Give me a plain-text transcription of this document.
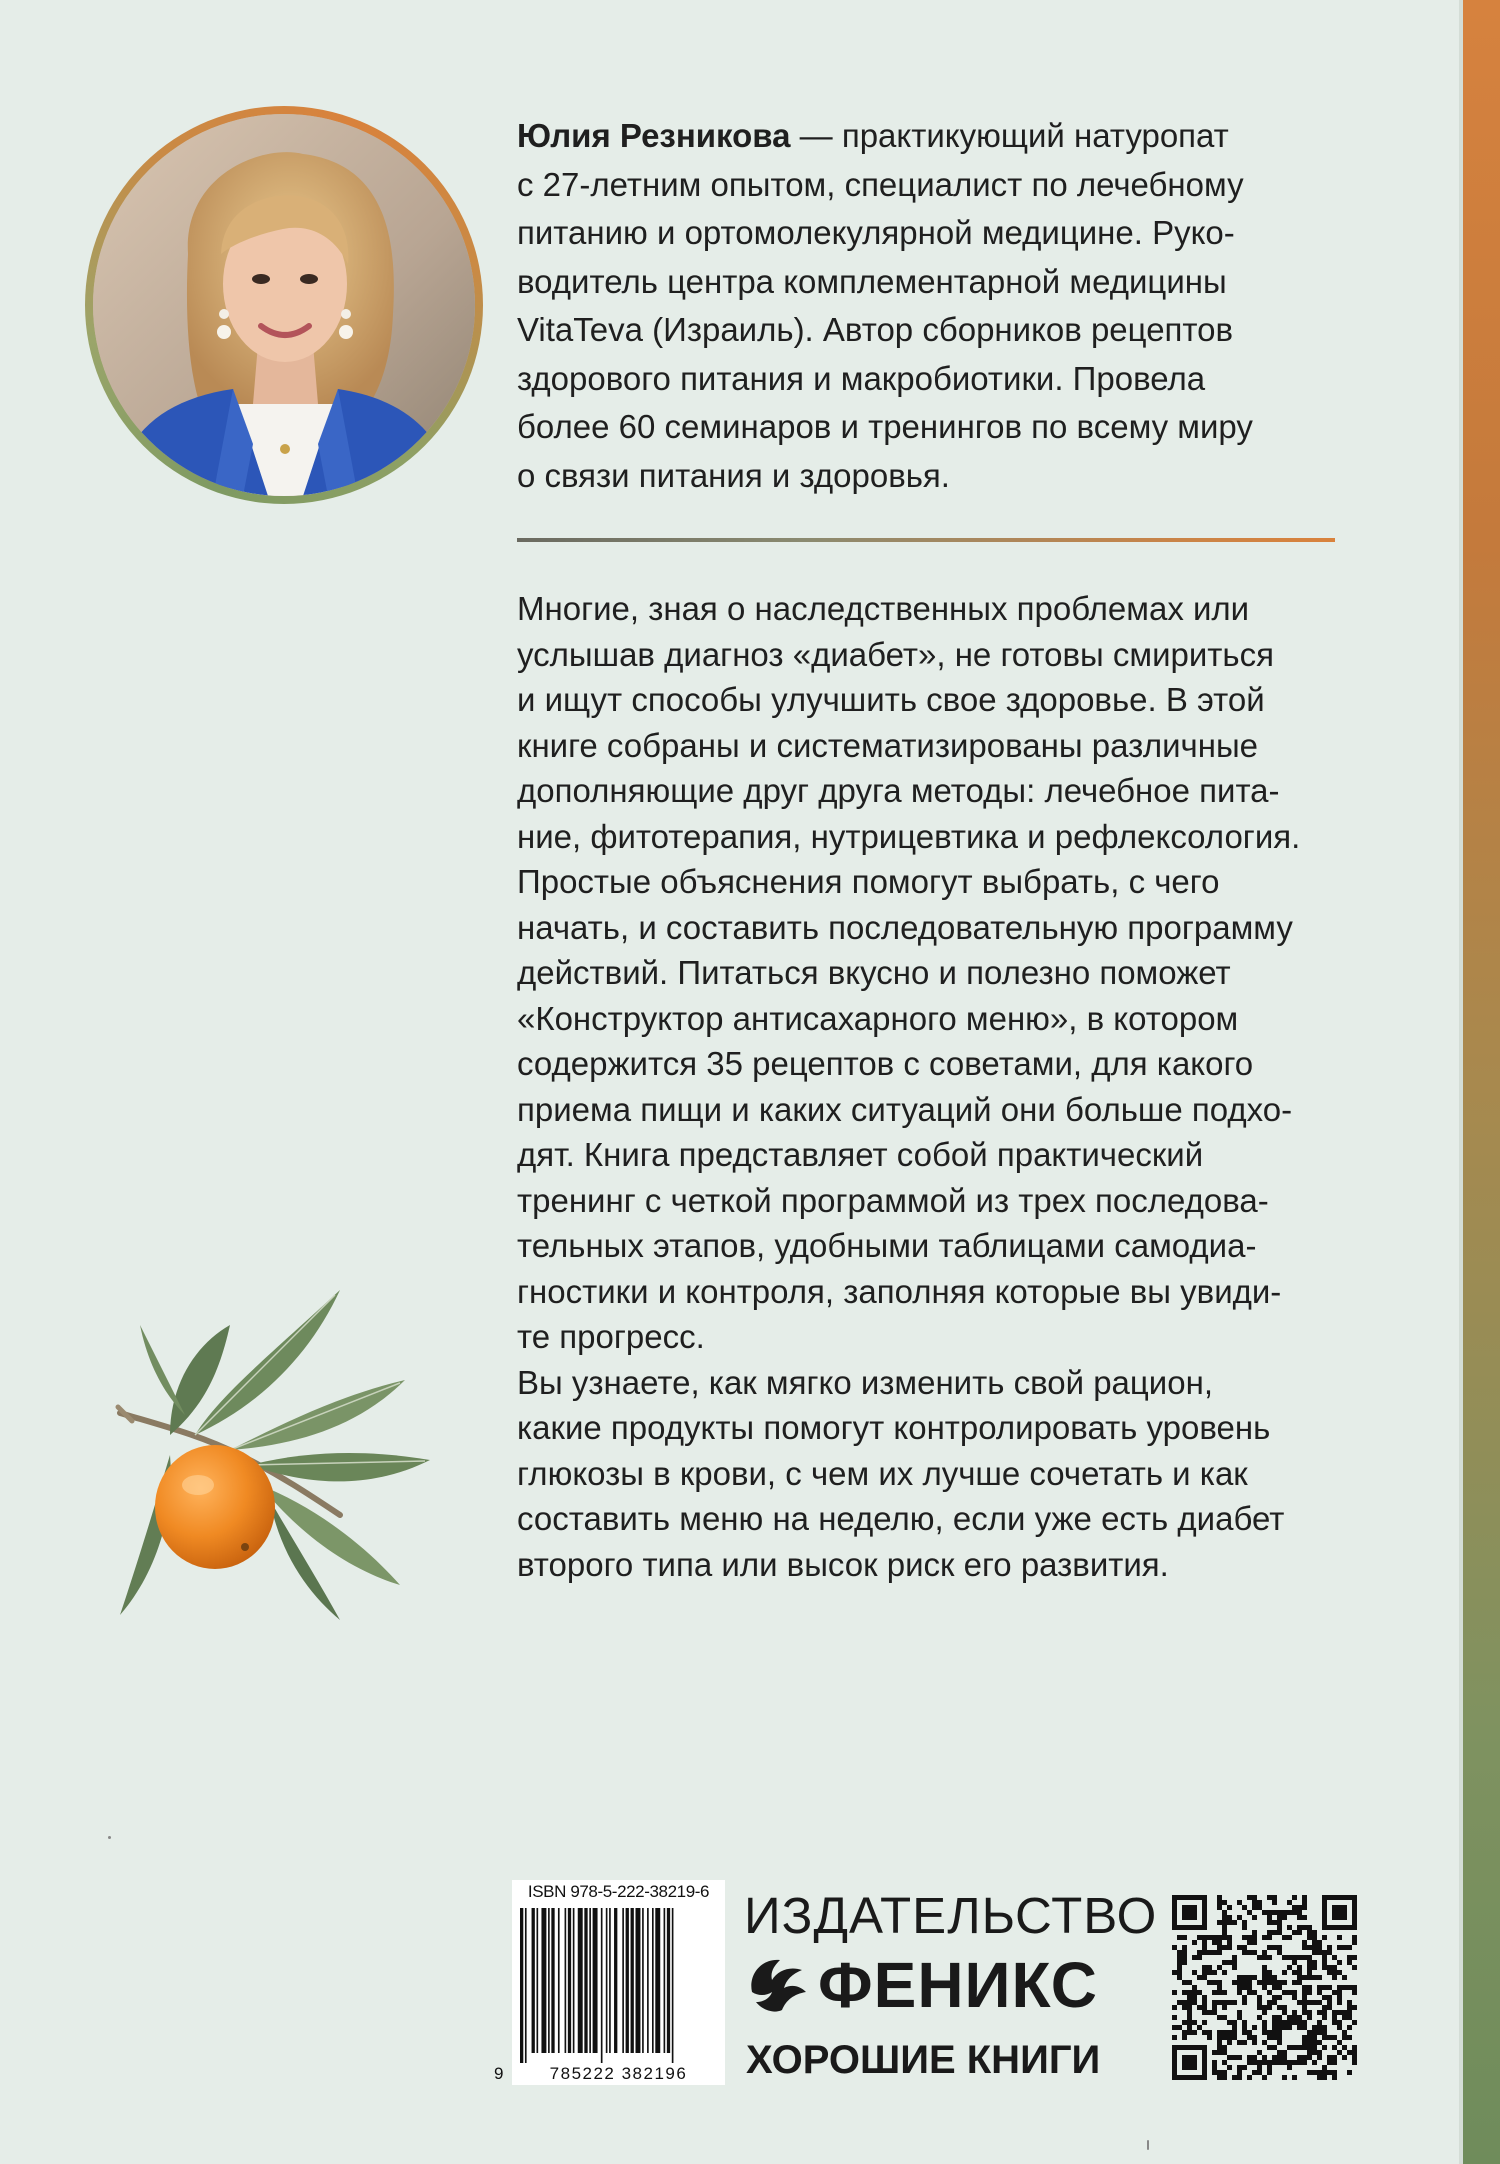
Юлия Резникова — практикующий натуропат
с 27-летним опытом, специалист по лечебному
питанию и ортомолекулярной медицине. Руко-
водитель центра комплементарной медицины
VitaTeva (Израиль). Автор сборников рецептов
здорового питания и макробиотики. Провела
более 60 семинаров и тренингов по всему миру
о связи питания и здоровья.

Многие, зная о наследственных проблемах или
услышав диагноз «диабет», не готовы смириться
и ищут способы улучшить свое здоровье. В этой
книге собраны и систематизированы различные
дополняющие друг друга методы: лечебное пита-
ние, фитотерапия, нутрицевтика и рефлексология.
Простые объяснения помогут выбрать, с чего
начать, и составить последовательную программу
действий. Питаться вкусно и полезно поможет
«Конструктор антисахарного меню», в котором
содержится 35 рецептов с советами, для какого
приема пищи и каких ситуаций они больше подхо-
дят. Книга представляет собой практический
тренинг с четкой программой из трех последова-
тельных этапов, удобными таблицами самодиа-
гностики и контроля, заполняя которые вы увиди-
те прогресс.
Вы узнаете, как мягко изменить свой рацион,
какие продукты помогут контролировать уровень
глюкозы в крови, с чем их лучше сочетать и как
составить меню на неделю, если уже есть диабет
второго типа или высок риск его развития.

ISBN 978-5-222-38219-6
785222 382196
9
ИЗДАТЕЛЬСТВО
ФЕНИКС
ХОРОШИЕ КНИГИ
